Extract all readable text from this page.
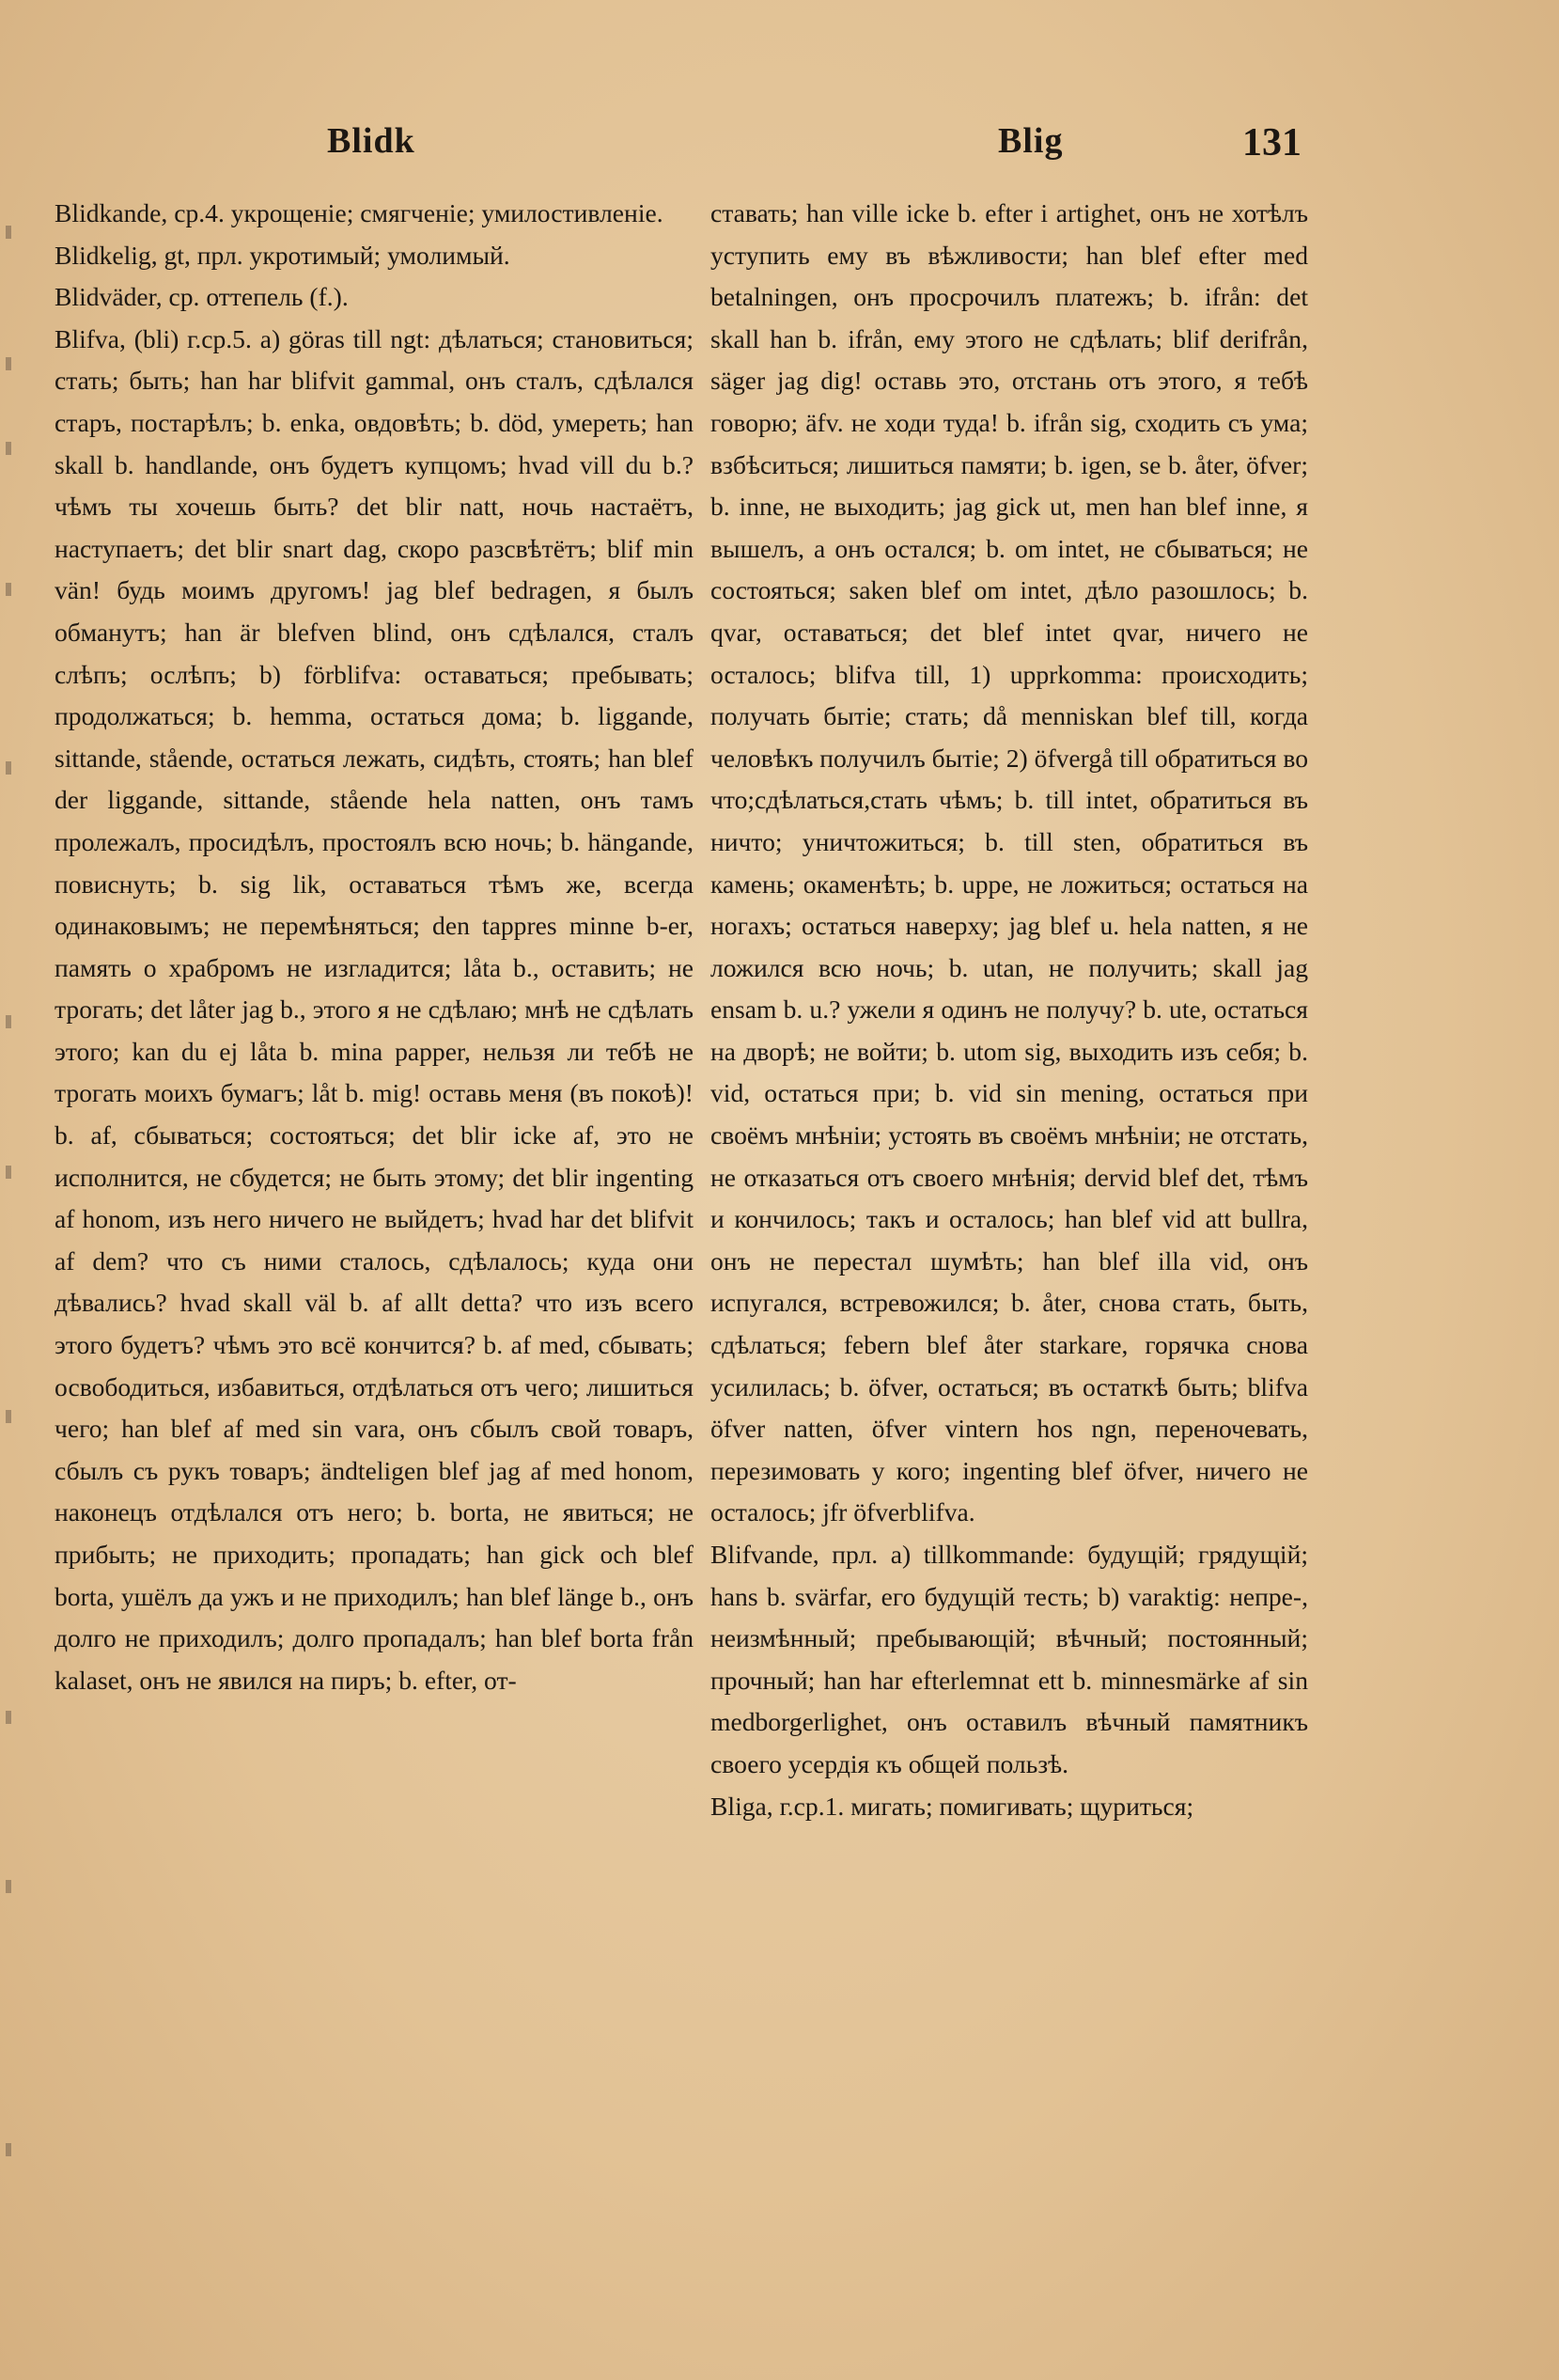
Blidk	Blig	131

Blidkande, ср.4. укрощенiе; смягченiе; умилостивленiе.

Blidkelig, gt, прл. укротимый; умолимый.

Blidväder, ср. оттепель (f.).

Blifva, (bli) г.ср.5. a) göras till ngt: дѣлаться; становиться; стать; быть; han har blifvit gammal, онъ сталъ, сдѣлался старъ, постарѣлъ; b. enka, овдовѣть; b. död, умереть; han skall b. handlande, онъ будетъ купцомъ; hvad vill du b.? чѣмъ ты хочешь быть? det blir natt, ночь настаётъ, наступаетъ; det blir snart dag, скоро разсвѣтётъ; blif min vän! будь моимъ другомъ! jag blef bedragen, я былъ обманутъ; han är blefven blind, онъ сдѣлался, сталъ слѣпъ; ослѣпъ; b) förblifva: оставаться; пребывать; продолжаться; b. hemma, остаться дома; b. liggande, sittande, stående, остаться лежать, сидѣть, стоять; han blef der liggande, sittande, stående hela natten, онъ тамъ пролежалъ, просидѣлъ, простоялъ всю ночь; b. hängande, повиснуть; b. sig lik, оставаться тѣмъ же, всегда одинаковымъ; не перемѣняться; den tappres minne b-er, память о храбромъ не изгладится; låta b., оставить; не трогать; det låter jag b., этого я не сдѣлаю; мнѣ не сдѣлать этого; kan du ej låta b. mina papper, нельзя ли тебѣ не трогать моихъ бумагъ; låt b. mig! оставь меня (въ покоѣ)! b. af, сбываться; состояться; det blir icke af, это не исполнится, не сбудется; не быть этому; det blir ingenting af honom, изъ него ничего не выйдетъ; hvad har det blifvit af dem? что съ ними сталось, сдѣлалось; куда они дѣвались? hvad skall väl b. af allt detta? что изъ всего этого будетъ? чѣмъ это всё кончится? b. af med, сбывать; освободиться, избавиться, отдѣлаться отъ чего; лишиться чего; han blef af med sin vara, онъ сбылъ свой товаръ, сбылъ съ рукъ товаръ; ändteligen blef jag af med honom, наконецъ отдѣлался отъ него; b. borta, не явиться; не прибыть; не приходить; пропадать; han gick och blef borta, ушёлъ да ужъ и не приходилъ; han blef länge b., онъ долго не приходилъ; долго пропадалъ; han blef borta från kalaset, онъ не явился на пиръ; b. efter, от-

ставать; han ville icke b. efter i artighet, онъ не хотѣлъ уступить ему въ вѣжливости; han blef efter med betalningen, онъ просрочилъ платежъ; b. ifrån: det skall han b. ifrån, ему этого не сдѣлать; blif derifrån, säger jag dig! оставь это, отстань отъ этого, я тебѣ говорю; äfv. не ходи туда! b. ifrån sig, сходить съ ума; взбѣситься; лишиться памяти; b. igen, se b. åter, öfver; b. inne, не выходить; jag gick ut, men han blef inne, я вышелъ, а онъ остался; b. om intet, не сбываться; не состояться; saken blef om intet, дѣло разошлось; b. qvar, оставаться; det blef intet qvar, ничего не осталось; blifva till, 1) upprkomma: происходить; получать бытiе; стать; då menniskan blef till, когда человѣкъ получилъ бытiе; 2) öfvergå till обратиться во что;сдѣлаться,стать чѣмъ; b. till intet, обратиться въ ничто; уничтожиться; b. till sten, обратиться въ камень; окаменѣть; b. uppe, не ложиться; остаться на ногахъ; остаться наверху; jag blef u. hela natten, я не ложился всю ночь; b. utan, не получить; skall jag ensam b. u.? ужели я одинъ не получу? b. ute, остаться на дворѣ; не войти; b. utom sig, выходить изъ себя; b. vid, остаться при; b. vid sin mening, остаться при своёмъ мнѣнiи; устоять въ своёмъ мнѣнiи; не отстать, не отказаться отъ своего мнѣнiя; dervid blef det, тѣмъ и кончилось; такъ и осталось; han blef vid att bullra, онъ не перестал шумѣть; han blef illa vid, онъ испугался, встревожился; b. åter, снова стать, быть, сдѣлаться; febern blef åter starkare, горячка снова усилилась; b. öfver, остаться; въ остаткѣ быть; blifva öfver natten, öfver vintern hos ngn, переночевать, перезимовать у кого; ingenting blef öfver, ничего не осталось; jfr öfverblifva.

Blifvande, прл. a) tillkommande: будущiй; грядущiй; hans b. svärfar, его будущiй тесть; b) varaktig: непре-, неизмѣнный; пребывающiй; вѣчный; постоянный; прочный; han har efterlemnat ett b. minnesmärke af sin medborgerlighet, онъ оставилъ вѣчный памятникъ своего усердiя къ общей пользѣ.

Bliga, г.ср.1. мигать; помигивать; щуриться;
